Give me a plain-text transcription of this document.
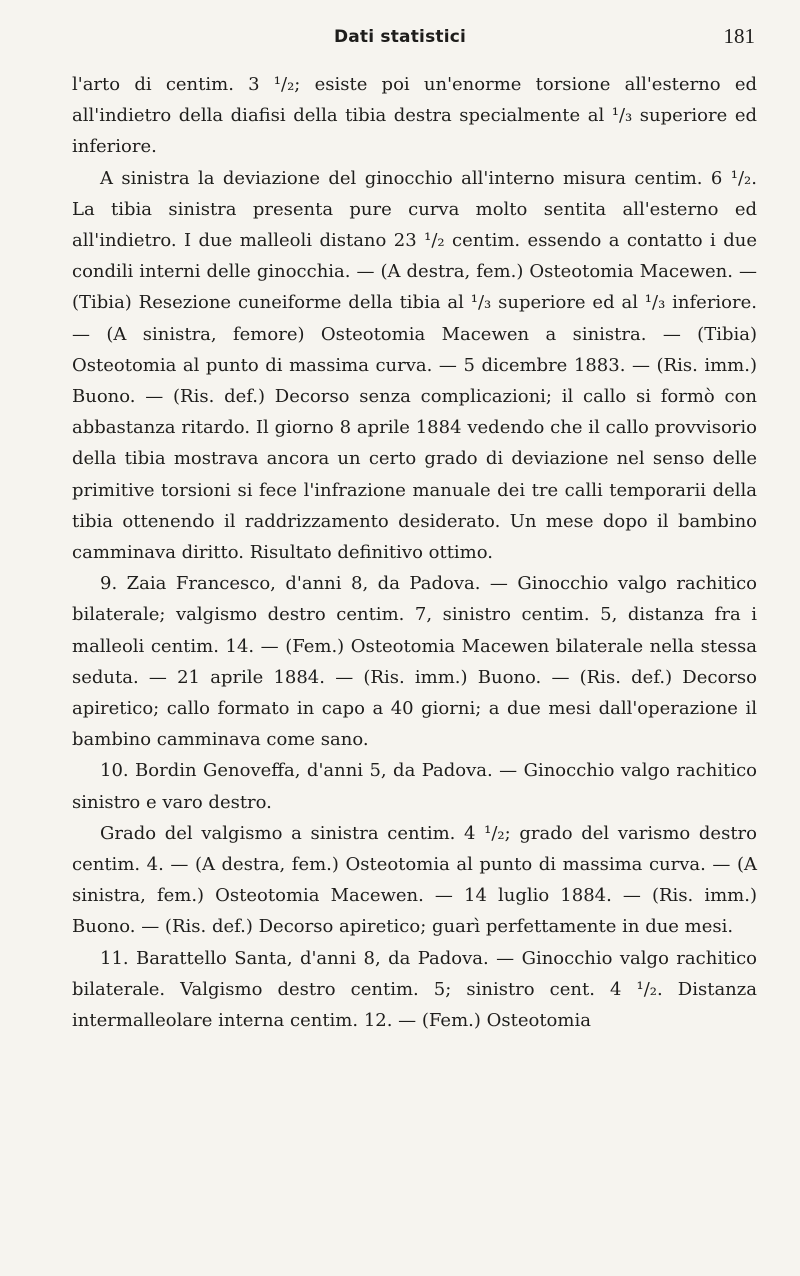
Dati statistici	181

l'arto di centim. 3 ¹/₂; esiste poi un'enorme torsione all'esterno ed all'indietro della diafisi della tibia destra specialmente al ¹/₃ superiore ed inferiore.

A sinistra la deviazione del ginocchio all'interno misura centim. 6 ¹/₂. La tibia sinistra presenta pure curva molto sentita all'esterno ed all'indietro. I due malleoli distano 23 ¹/₂ centim. essendo a contatto i due condili interni delle ginocchia. — (A destra, fem.) Osteotomia Macewen. — (Tibia) Resezione cuneiforme della tibia al ¹/₃ superiore ed al ¹/₃ inferiore. — (A sinistra, femore) Osteotomia Macewen a sinistra. — (Tibia) Osteotomia al punto di massima curva. — 5 dicembre 1883. — (Ris. imm.) Buono. — (Ris. def.) Decorso senza complicazioni; il callo si formò con abbastanza ritardo. Il giorno 8 aprile 1884 vedendo che il callo provvisorio della tibia mostrava ancora un certo grado di deviazione nel senso delle primitive torsioni si fece l'infrazione manuale dei tre calli temporarii della tibia ottenendo il raddrizzamento desiderato. Un mese dopo il bambino camminava diritto. Risultato definitivo ottimo.

9. Zaia Francesco, d'anni 8, da Padova. — Ginocchio valgo rachitico bilaterale; valgismo destro centim. 7, sinistro centim. 5, distanza fra i malleoli centim. 14. — (Fem.) Osteotomia Macewen bilaterale nella stessa seduta. — 21 aprile 1884. — (Ris. imm.) Buono. — (Ris. def.) Decorso apiretico; callo formato in capo a 40 giorni; a due mesi dall'operazione il bambino camminava come sano.

10. Bordin Genoveffa, d'anni 5, da Padova. — Ginocchio valgo rachitico sinistro e varo destro.

Grado del valgismo a sinistra centim. 4 ¹/₂; grado del varismo destro centim. 4. — (A destra, fem.) Osteotomia al punto di massima curva. — (A sinistra, fem.) Osteotomia Macewen. — 14 luglio 1884. — (Ris. imm.) Buono. — (Ris. def.) Decorso apiretico; guarì perfettamente in due mesi.

11. Barattello Santa, d'anni 8, da Padova. — Ginocchio valgo rachitico bilaterale. Valgismo destro centim. 5; sinistro cent. 4 ¹/₂. Distanza intermalleolare interna centim. 12. — (Fem.) Osteotomia
